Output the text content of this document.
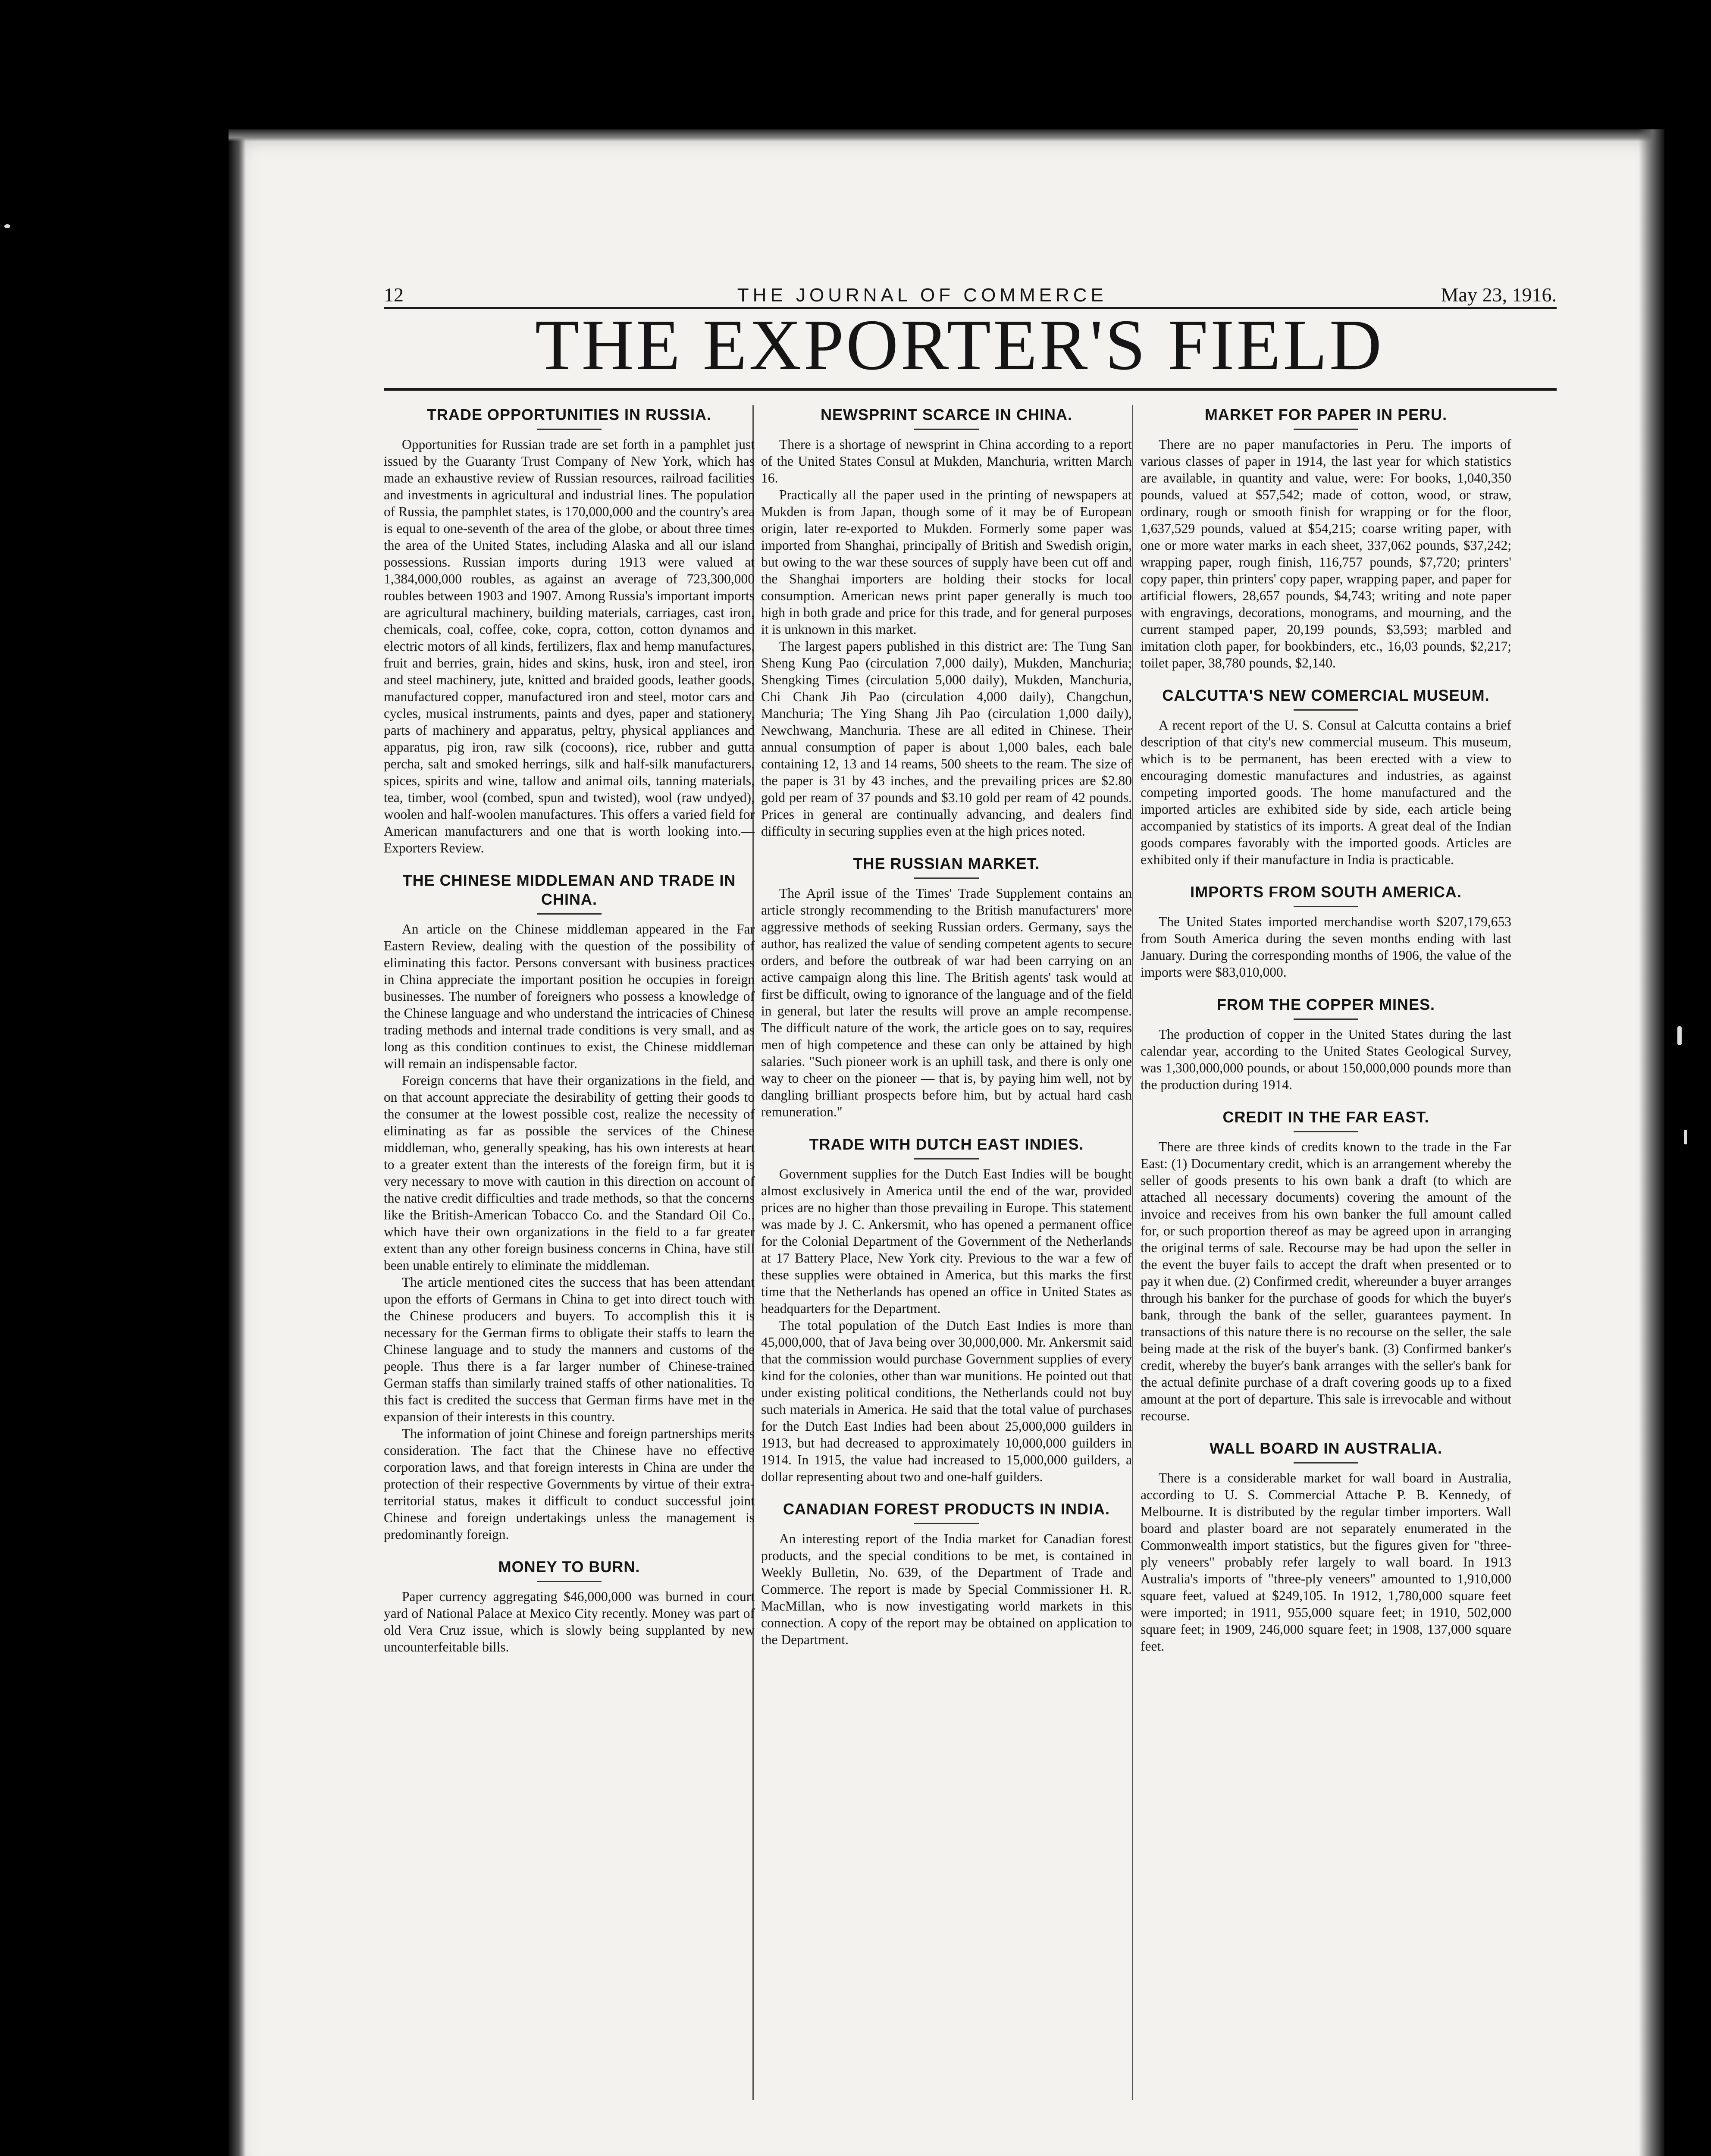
12	THE JOURNAL OF COMMERCE	May 23, 1916.
THE EXPORTER'S FIELD
TRADE OPPORTUNITIES IN RUSSIA.

Opportunities for Russian trade are set forth in a pamphlet just issued by the Guaranty Trust Company of New York, which has made an exhaustive review of Russian resources, railroad facilities and investments in agricultural and industrial lines. The population of Russia, the pamphlet states, is 170,000,000 and the country's area is equal to one-seventh of the area of the globe, or about three times the area of the United States, including Alaska and all our island possessions. Russian imports during 1913 were valued at 1,384,000,000 roubles, as against an average of 723,300,000 roubles between 1903 and 1907. Among Russia's important imports are agricultural machinery, building materials, carriages, cast iron, chemicals, coal, coffee, coke, copra, cotton, cotton dynamos and electric motors of all kinds, fertilizers, flax and hemp manufactures, fruit and berries, grain, hides and skins, husk, iron and steel, iron and steel machinery, jute, knitted and braided goods, leather goods, manufactured copper, manufactured iron and steel, motor cars and cycles, musical instruments, paints and dyes, paper and stationery, parts of machinery and apparatus, peltry, physical appliances and apparatus, pig iron, raw silk (cocoons), rice, rubber and gutta percha, salt and smoked herrings, silk and half-silk manufacturers, spices, spirits and wine, tallow and animal oils, tanning materials, tea, timber, wool (combed, spun and twisted), wool (raw undyed), woolen and half-woolen manufactures. This offers a varied field for American manufacturers and one that is worth looking into.—Exporters Review.

THE CHINESE MIDDLEMAN AND TRADE IN CHINA.

An article on the Chinese middleman appeared in the Far Eastern Review, dealing with the question of the possibility of eliminating this factor. Persons conversant with business practices in China appreciate the important position he occupies in foreign businesses. The number of foreigners who possess a knowledge of the Chinese language and who understand the intricacies of Chinese trading methods and internal trade conditions is very small, and as long as this condition continues to exist, the Chinese middleman will remain an indispensable factor.

Foreign concerns that have their organizations in the field, and on that account appreciate the desirability of getting their goods to the consumer at the lowest possible cost, realize the necessity of eliminating as far as possible the services of the Chinese middleman, who, generally speaking, has his own interests at heart to a greater extent than the interests of the foreign firm, but it is very necessary to move with caution in this direction on account of the native credit difficulties and trade methods, so that the concerns like the British-American Tobacco Co. and the Standard Oil Co., which have their own organizations in the field to a far greater extent than any other foreign business concerns in China, have still been unable entirely to eliminate the middleman.

The article mentioned cites the success that has been attendant upon the efforts of Germans in China to get into direct touch with the Chinese producers and buyers. To accomplish this it is necessary for the German firms to obligate their staffs to learn the Chinese language and to study the manners and customs of the people. Thus there is a far larger number of Chinese-trained German staffs than similarly trained staffs of other nationalities. To this fact is credited the success that German firms have met in the expansion of their interests in this country.

The information of joint Chinese and foreign partnerships merits consideration. The fact that the Chinese have no effective corporation laws, and that foreign interests in China are under the protection of their respective Governments by virtue of their extra-territorial status, makes it difficult to conduct successful joint Chinese and foreign undertakings unless the management is predominantly foreign.

MONEY TO BURN.

Paper currency aggregating $46,000,000 was burned in court yard of National Palace at Mexico City recently. Money was part of old Vera Cruz issue, which is slowly being supplanted by new uncounterfeitable bills.

NEWSPRINT SCARCE IN CHINA.

There is a shortage of newsprint in China according to a report of the United States Consul at Mukden, Manchuria, written March 16.

Practically all the paper used in the printing of newspapers at Mukden is from Japan, though some of it may be of European origin, later re-exported to Mukden. Formerly some paper was imported from Shanghai, principally of British and Swedish origin, but owing to the war these sources of supply have been cut off and the Shanghai importers are holding their stocks for local consumption. American news print paper generally is much too high in both grade and price for this trade, and for general purposes it is unknown in this market.

The largest papers published in this district are: The Tung San Sheng Kung Pao (circulation 7,000 daily), Mukden, Manchuria; Shengking Times (circulation 5,000 daily), Mukden, Manchuria, Chi Chank Jih Pao (circulation 4,000 daily), Changchun, Manchuria; The Ying Shang Jih Pao (circulation 1,000 daily), Newchwang, Manchuria. These are all edited in Chinese. Their annual consumption of paper is about 1,000 bales, each bale containing 12, 13 and 14 reams, 500 sheets to the ream. The size of the paper is 31 by 43 inches, and the prevailing prices are $2.80 gold per ream of 37 pounds and $3.10 gold per ream of 42 pounds. Prices in general are continually advancing, and dealers find difficulty in securing supplies even at the high prices noted.

THE RUSSIAN MARKET.

The April issue of the Times' Trade Supplement contains an article strongly recommending to the British manufacturers' more aggressive methods of seeking Russian orders. Germany, says the author, has realized the value of sending competent agents to secure orders, and before the outbreak of war had been carrying on an active campaign along this line. The British agents' task would at first be difficult, owing to ignorance of the language and of the field in general, but later the results will prove an ample recompense. The difficult nature of the work, the article goes on to say, requires men of high competence and these can only be attained by high salaries. "Such pioneer work is an uphill task, and there is only one way to cheer on the pioneer — that is, by paying him well, not by dangling brilliant prospects before him, but by actual hard cash remuneration."

TRADE WITH DUTCH EAST INDIES.

Government supplies for the Dutch East Indies will be bought almost exclusively in America until the end of the war, provided prices are no higher than those prevailing in Europe. This statement was made by J. C. Ankersmit, who has opened a permanent office for the Colonial Department of the Government of the Netherlands at 17 Battery Place, New York city. Previous to the war a few of these supplies were obtained in America, but this marks the first time that the Netherlands has opened an office in United States as headquarters for the Department.

The total population of the Dutch East Indies is more than 45,000,000, that of Java being over 30,000,000. Mr. Ankersmit said that the commission would purchase Government supplies of every kind for the colonies, other than war munitions. He pointed out that under existing political conditions, the Netherlands could not buy such materials in America. He said that the total value of purchases for the Dutch East Indies had been about 25,000,000 guilders in 1913, but had decreased to approximately 10,000,000 guilders in 1914. In 1915, the value had increased to 15,000,000 guilders, a dollar representing about two and one-half guilders.

CANADIAN FOREST PRODUCTS IN INDIA.

An interesting report of the India market for Canadian forest products, and the special conditions to be met, is contained in Weekly Bulletin, No. 639, of the Department of Trade and Commerce. The report is made by Special Commissioner H. R. MacMillan, who is now investigating world markets in this connection. A copy of the report may be obtained on application to the Department.

MARKET FOR PAPER IN PERU.

There are no paper manufactories in Peru. The imports of various classes of paper in 1914, the last year for which statistics are available, in quantity and value, were: For books, 1,040,350 pounds, valued at $57,542; made of cotton, wood, or straw, ordinary, rough or smooth finish for wrapping or for the floor, 1,637,529 pounds, valued at $54,215; coarse writing paper, with one or more water marks in each sheet, 337,062 pounds, $37,242; wrapping paper, rough finish, 116,757 pounds, $7,720; printers' copy paper, thin printers' copy paper, wrapping paper, and paper for artificial flowers, 28,657 pounds, $4,743; writing and note paper with engravings, decorations, monograms, and mourning, and the current stamped paper, 20,199 pounds, $3,593; marbled and imitation cloth paper, for bookbinders, etc., 16,03 pounds, $2,217; toilet paper, 38,780 pounds, $2,140.

CALCUTTA'S NEW COMERCIAL MUSEUM.

A recent report of the U. S. Consul at Calcutta contains a brief description of that city's new commercial museum. This museum, which is to be permanent, has been erected with a view to encouraging domestic manufactures and industries, as against competing imported goods. The home manufactured and the imported articles are exhibited side by side, each article being accompanied by statistics of its imports. A great deal of the Indian goods compares favorably with the imported goods. Articles are exhibited only if their manufacture in India is practicable.

IMPORTS FROM SOUTH AMERICA.

The United States imported merchandise worth $207,179,653 from South America during the seven months ending with last January. During the corresponding months of 1906, the value of the imports were $83,010,000.

FROM THE COPPER MINES.

The production of copper in the United States during the last calendar year, according to the United States Geological Survey, was 1,300,000,000 pounds, or about 150,000,000 pounds more than the production during 1914.

CREDIT IN THE FAR EAST.

There are three kinds of credits known to the trade in the Far East: (1) Documentary credit, which is an arrangement whereby the seller of goods presents to his own bank a draft (to which are attached all necessary documents) covering the amount of the invoice and receives from his own banker the full amount called for, or such proportion thereof as may be agreed upon in arranging the original terms of sale. Recourse may be had upon the seller in the event the buyer fails to accept the draft when presented or to pay it when due. (2) Confirmed credit, whereunder a buyer arranges through his banker for the purchase of goods for which the buyer's bank, through the bank of the seller, guarantees payment. In transactions of this nature there is no recourse on the seller, the sale being made at the risk of the buyer's bank. (3) Confirmed banker's credit, whereby the buyer's bank arranges with the seller's bank for the actual definite purchase of a draft covering goods up to a fixed amount at the port of departure. This sale is irrevocable and without recourse.

WALL BOARD IN AUSTRALIA.

There is a considerable market for wall board in Australia, according to U. S. Commercial Attache P. B. Kennedy, of Melbourne. It is distributed by the regular timber importers. Wall board and plaster board are not separately enumerated in the Commonwealth import statistics, but the figures given for "three-ply veneers" probably refer largely to wall board. In 1913 Australia's imports of "three-ply veneers" amounted to 1,910,000 square feet, valued at $249,105. In 1912, 1,780,000 square feet were imported; in 1911, 955,000 square feet; in 1910, 502,000 square feet; in 1909, 246,000 square feet; in 1908, 137,000 square feet.
